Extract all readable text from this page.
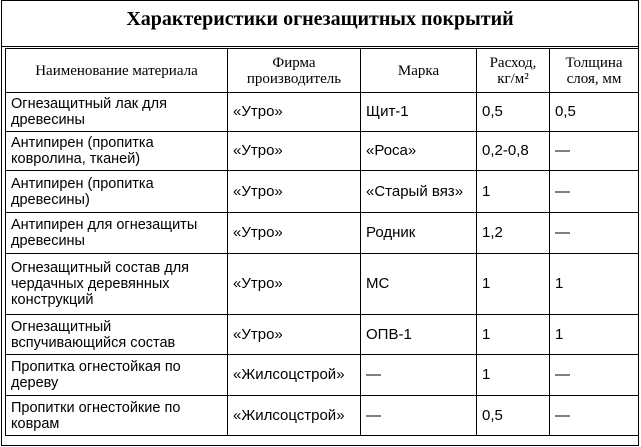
Характеристики огнезащитных покрытий
Наименование материала	Фирма производитель	Марка	Расход, кг/м²	Толщина слоя, мм
Огнезащитный лак для древесины	«Утро»	Щит-1	0,5	0,5
Антипирен (пропитка ковролина, тканей)	«Утро»	«Роса»	0,2-0,8	—
Антипирен (пропитка древесины)	«Утро»	«Старый вяз»	1	—
Антипирен для огнезащиты древесины	«Утро»	Родник	1,2	—
Огнезащитный состав для чердачных деревянных конструкций	«Утро»	МС	1	1
Огнезащитный вспучивающийся состав	«Утро»	ОПВ-1	1	1
Пропитка огнестойкая по дереву	«Жилсоцстрой»	—	1	—
Пропитки огнестойкие по коврам	«Жилсоцстрой»	—	0,5	—
